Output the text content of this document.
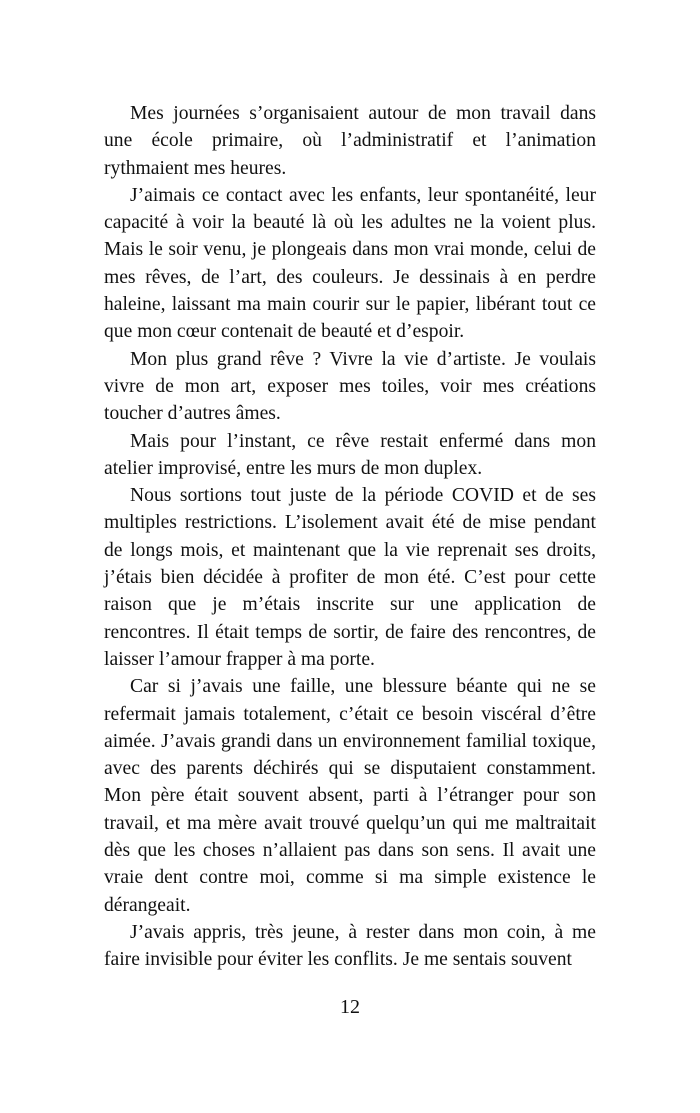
Mes journées s’organisaient autour de mon travail dans une école primaire, où l’administratif et l’animation rythmaient mes heures.

J’aimais ce contact avec les enfants, leur spontanéité, leur capacité à voir la beauté là où les adultes ne la voient plus. Mais le soir venu, je plongeais dans mon vrai monde, celui de mes rêves, de l’art, des couleurs. Je dessinais à en perdre haleine, laissant ma main courir sur le papier, libérant tout ce que mon cœur contenait de beauté et d’espoir.

Mon plus grand rêve ? Vivre la vie d’artiste. Je voulais vivre de mon art, exposer mes toiles, voir mes créations toucher d’autres âmes.

Mais pour l’instant, ce rêve restait enfermé dans mon atelier improvisé, entre les murs de mon duplex.

Nous sortions tout juste de la période COVID et de ses multiples restrictions. L’isolement avait été de mise pendant de longs mois, et maintenant que la vie reprenait ses droits, j’étais bien décidée à profiter de mon été. C’est pour cette raison que je m’étais inscrite sur une application de rencontres. Il était temps de sortir, de faire des rencontres, de laisser l’amour frapper à ma porte.

Car si j’avais une faille, une blessure béante qui ne se refermait jamais totalement, c’était ce besoin viscéral d’être aimée. J’avais grandi dans un environnement familial toxique, avec des parents déchirés qui se disputaient constamment. Mon père était souvent absent, parti à l’étranger pour son travail, et ma mère avait trouvé quelqu’un qui me maltraitait dès que les choses n’allaient pas dans son sens. Il avait une vraie dent contre moi, comme si ma simple existence le dérangeait.

J’avais appris, très jeune, à rester dans mon coin, à me faire invisible pour éviter les conflits. Je me sentais souvent

12
